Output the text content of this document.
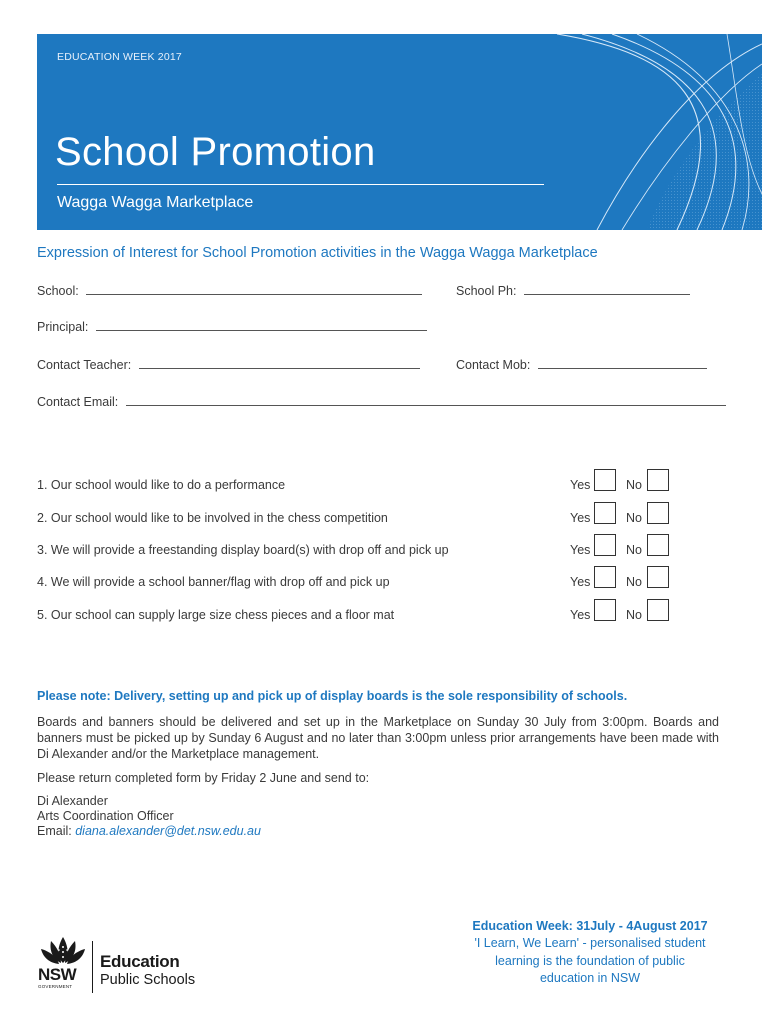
EDUCATION WEEK 2017
School Promotion
Wagga Wagga Marketplace
Expression of Interest for School Promotion activities in the Wagga Wagga Marketplace
School:	School Ph:
Principal:
Contact Teacher:	Contact Mob:
Contact Email:
1. Our school would like to do a performance	Yes	No
2. Our school would like to be involved in the chess competition	Yes	No
3. We will provide a freestanding display board(s) with drop off and pick up	Yes	No
4. We will provide a school banner/flag with drop off and pick up	Yes	No
5. Our school can supply large size chess pieces and a floor mat	Yes	No
Please note: Delivery, setting up and pick up of display boards is the sole responsibility of schools.
Boards and banners should be delivered and set up in the Marketplace on Sunday 30 July from 3:00pm. Boards and banners must be picked up by Sunday 6 August and no later than 3:00pm unless prior arrangements have been made with Di Alexander and/or the Marketplace management.
Please return completed form by Friday 2 June and send to:
Di Alexander
Arts Coordination Officer
Email: diana.alexander@det.nsw.edu.au
Education Week: 31July - 4August 2017
'I Learn, We Learn' - personalised student
learning is the foundation of public
education in NSW
NSW
GOVERNMENT
Education
Public Schools
